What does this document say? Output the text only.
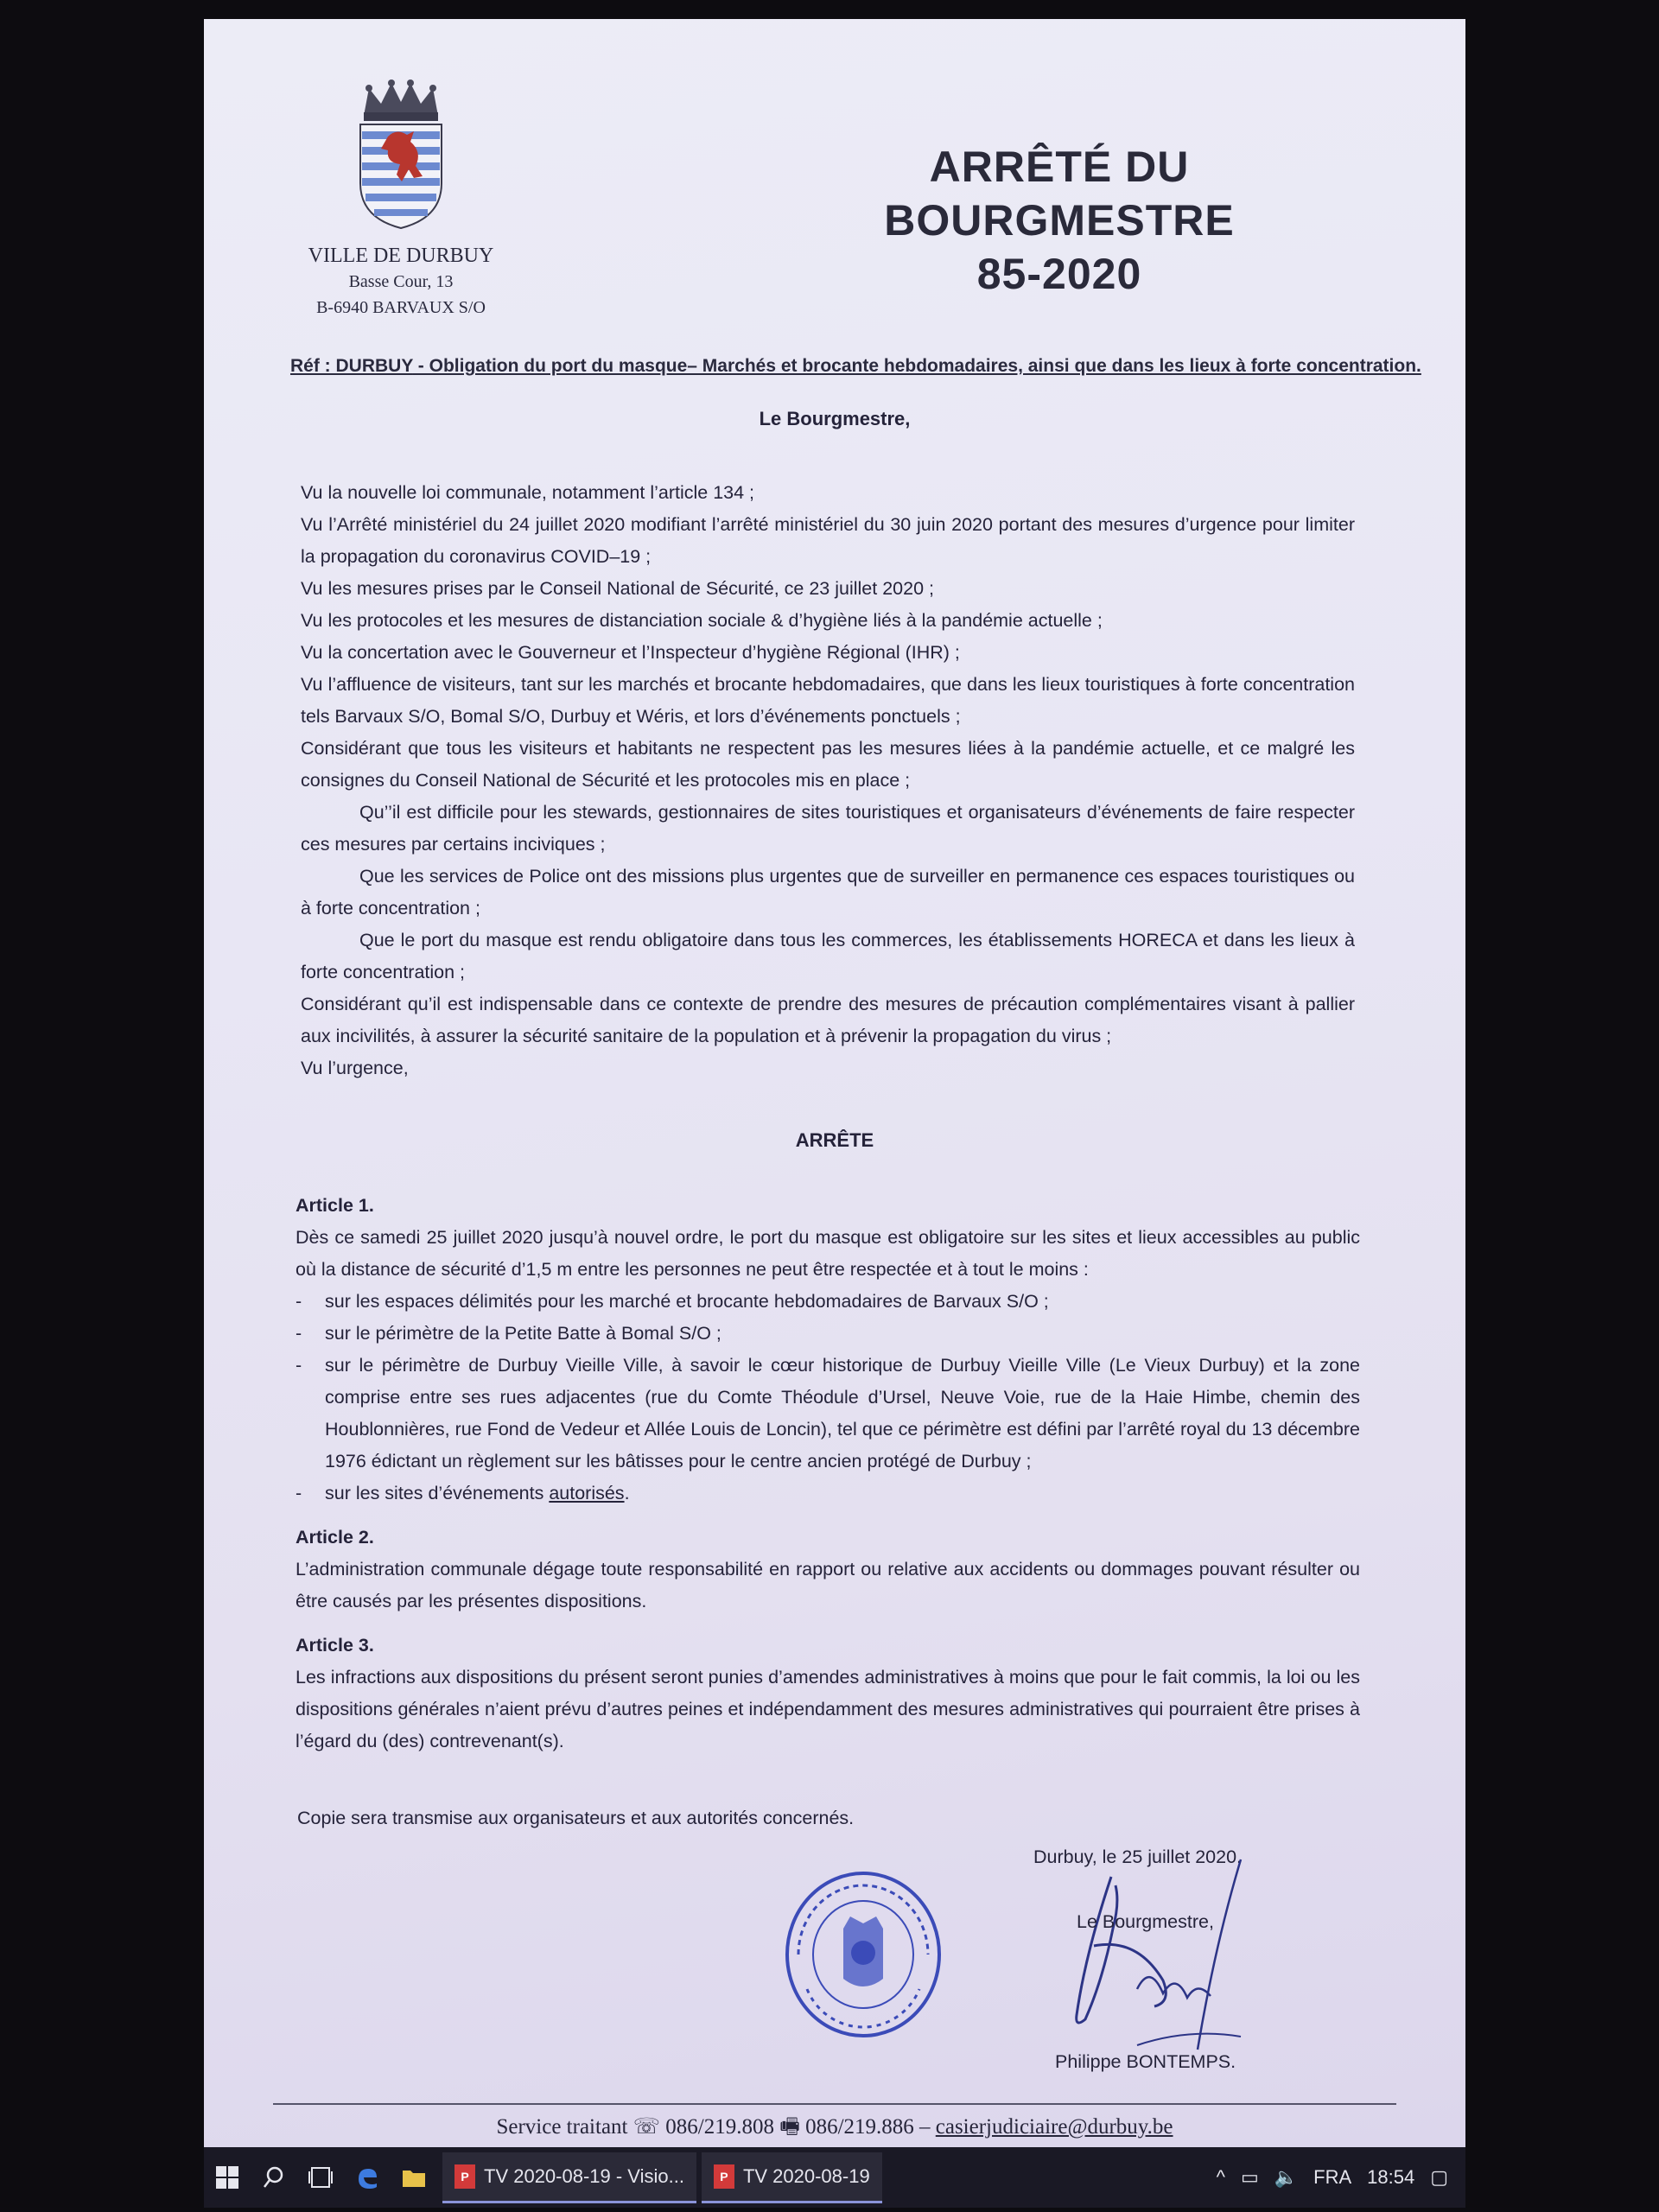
VILLE DE DURBUY
Basse Cour, 13
B-6940 BARVAUX S/O
ARRÊTÉ DU BOURGMESTRE
85-2020
Réf : DURBUY - Obligation du port du masque– Marchés et brocante hebdomadaires, ainsi que dans les lieux à forte concentration.
Le Bourgmestre,

Vu la nouvelle loi communale, notamment l’article 134 ;

Vu l’Arrêté ministériel du 24 juillet 2020 modifiant l’arrêté ministériel du 30 juin 2020 portant des mesures d’urgence pour limiter la propagation du coronavirus COVID–19 ;

Vu les mesures prises par le Conseil National de Sécurité, ce 23 juillet 2020 ;

Vu les protocoles et les mesures de distanciation sociale & d’hygiène liés à la pandémie actuelle ;

Vu la concertation avec le Gouverneur et l’Inspecteur d’hygiène Régional (IHR) ;

Vu l’affluence de visiteurs, tant sur les marchés et brocante hebdomadaires, que dans les lieux touristiques à forte concentration tels Barvaux S/O, Bomal S/O, Durbuy et Wéris, et lors d’événements ponctuels ;

Considérant que tous les visiteurs et habitants ne respectent pas les mesures liées à la pandémie actuelle, et ce malgré les consignes du Conseil National de Sécurité et les protocoles mis en place ;

Qu’’il est difficile pour les stewards, gestionnaires de sites touristiques et organisateurs d’événements de faire respecter ces mesures par certains inciviques ;

Que les services de Police ont des missions plus urgentes que de surveiller en permanence ces espaces touristiques ou à forte concentration ;

Que le port du masque est rendu obligatoire dans tous les commerces, les établissements HORECA et dans les lieux à forte concentration ;

Considérant qu’il est indispensable dans ce contexte de prendre des mesures de précaution complémentaires visant à pallier aux incivilités, à assurer la sécurité sanitaire de la population et à prévenir la propagation du virus ;

Vu l’urgence,

ARRÊTE
Article 1.

Dès ce samedi 25 juillet 2020 jusqu’à nouvel ordre, le port du masque est obligatoire sur les sites et lieux accessibles au public où la distance de sécurité d’1,5 m entre les personnes ne peut être respectée et à tout le moins :

- sur les espaces délimités pour les marché et brocante hebdomadaires de Barvaux S/O ;
- sur le périmètre de la Petite Batte à Bomal S/O ;
- sur le périmètre de Durbuy Vieille Ville, à savoir le cœur historique de Durbuy Vieille Ville (Le Vieux Durbuy) et la zone comprise entre ses rues adjacentes (rue du Comte Théodule d’Ursel, Neuve Voie, rue de la Haie Himbe, chemin des Houblonnières, rue Fond de Vedeur et Allée Louis de Loncin), tel que ce périmètre est défini par l’arrêté royal du 13 décembre 1976 édictant un règlement sur les bâtisses pour le centre ancien protégé de Durbuy ;
- sur les sites d’événements autorisés.
Article 2.

L’administration communale dégage toute responsabilité en rapport ou relative aux accidents ou dommages pouvant résulter ou être causés par les présentes dispositions.

Article 3.

Les infractions aux dispositions du présent seront punies d’amendes administratives à moins que pour le fait commis, la loi ou les dispositions générales n’aient prévu d’autres peines et indépendamment des mesures administratives qui pourraient être prises à l’égard du (des) contrevenant(s).

Copie sera transmise aux organisateurs et aux autorités concernés.
Durbuy, le 25 juillet 2020.
Le Bourgmestre,
Philippe BONTEMPS.
Service traitant ☏ 086/219.808 🖷 086/219.886 – casierjudiciaire@durbuy.be
P TV 2020-08-19 - Visio...	P TV 2020-08-19	^ ▭ 🔈 FRA 18:54 ▢
